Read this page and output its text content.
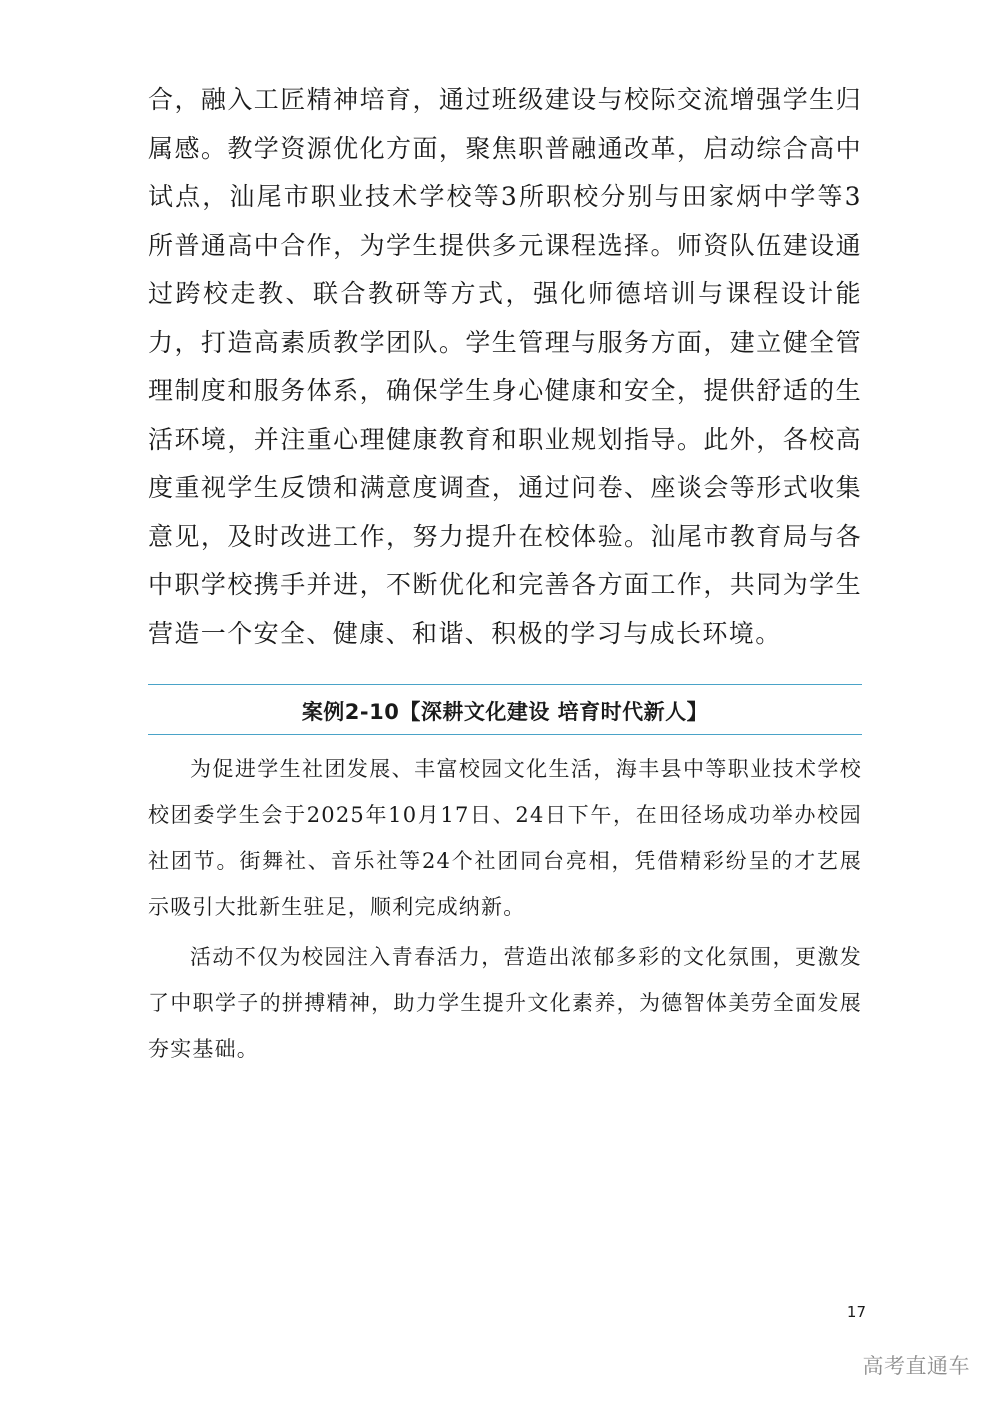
合，融入工匠精神培育，通过班级建设与校际交流增强学生归属感。教学资源优化方面，聚焦职普融通改革，启动综合高中试点，汕尾市职业技术学校等3所职校分别与田家炳中学等3所普通高中合作，为学生提供多元课程选择。师资队伍建设通过跨校走教、联合教研等方式，强化师德培训与课程设计能力，打造高素质教学团队。学生管理与服务方面，建立健全管理制度和服务体系，确保学生身心健康和安全，提供舒适的生活环境，并注重心理健康教育和职业规划指导。此外，各校高度重视学生反馈和满意度调查，通过问卷、座谈会等形式收集意见，及时改进工作，努力提升在校体验。汕尾市教育局与各中职学校携手并进，不断优化和完善各方面工作，共同为学生营造一个安全、健康、和谐、积极的学习与成长环境。

案例2-10【深耕文化建设 培育时代新人】

为促进学生社团发展、丰富校园文化生活，海丰县中等职业技术学校校团委学生会于2025年10月17日、24日下午，在田径场成功举办校园社团节。街舞社、音乐社等24个社团同台亮相，凭借精彩纷呈的才艺展示吸引大批新生驻足，顺利完成纳新。

活动不仅为校园注入青春活力，营造出浓郁多彩的文化氛围，更激发了中职学子的拼搏精神，助力学生提升文化素养，为德智体美劳全面发展夯实基础。

17
高考直通车
